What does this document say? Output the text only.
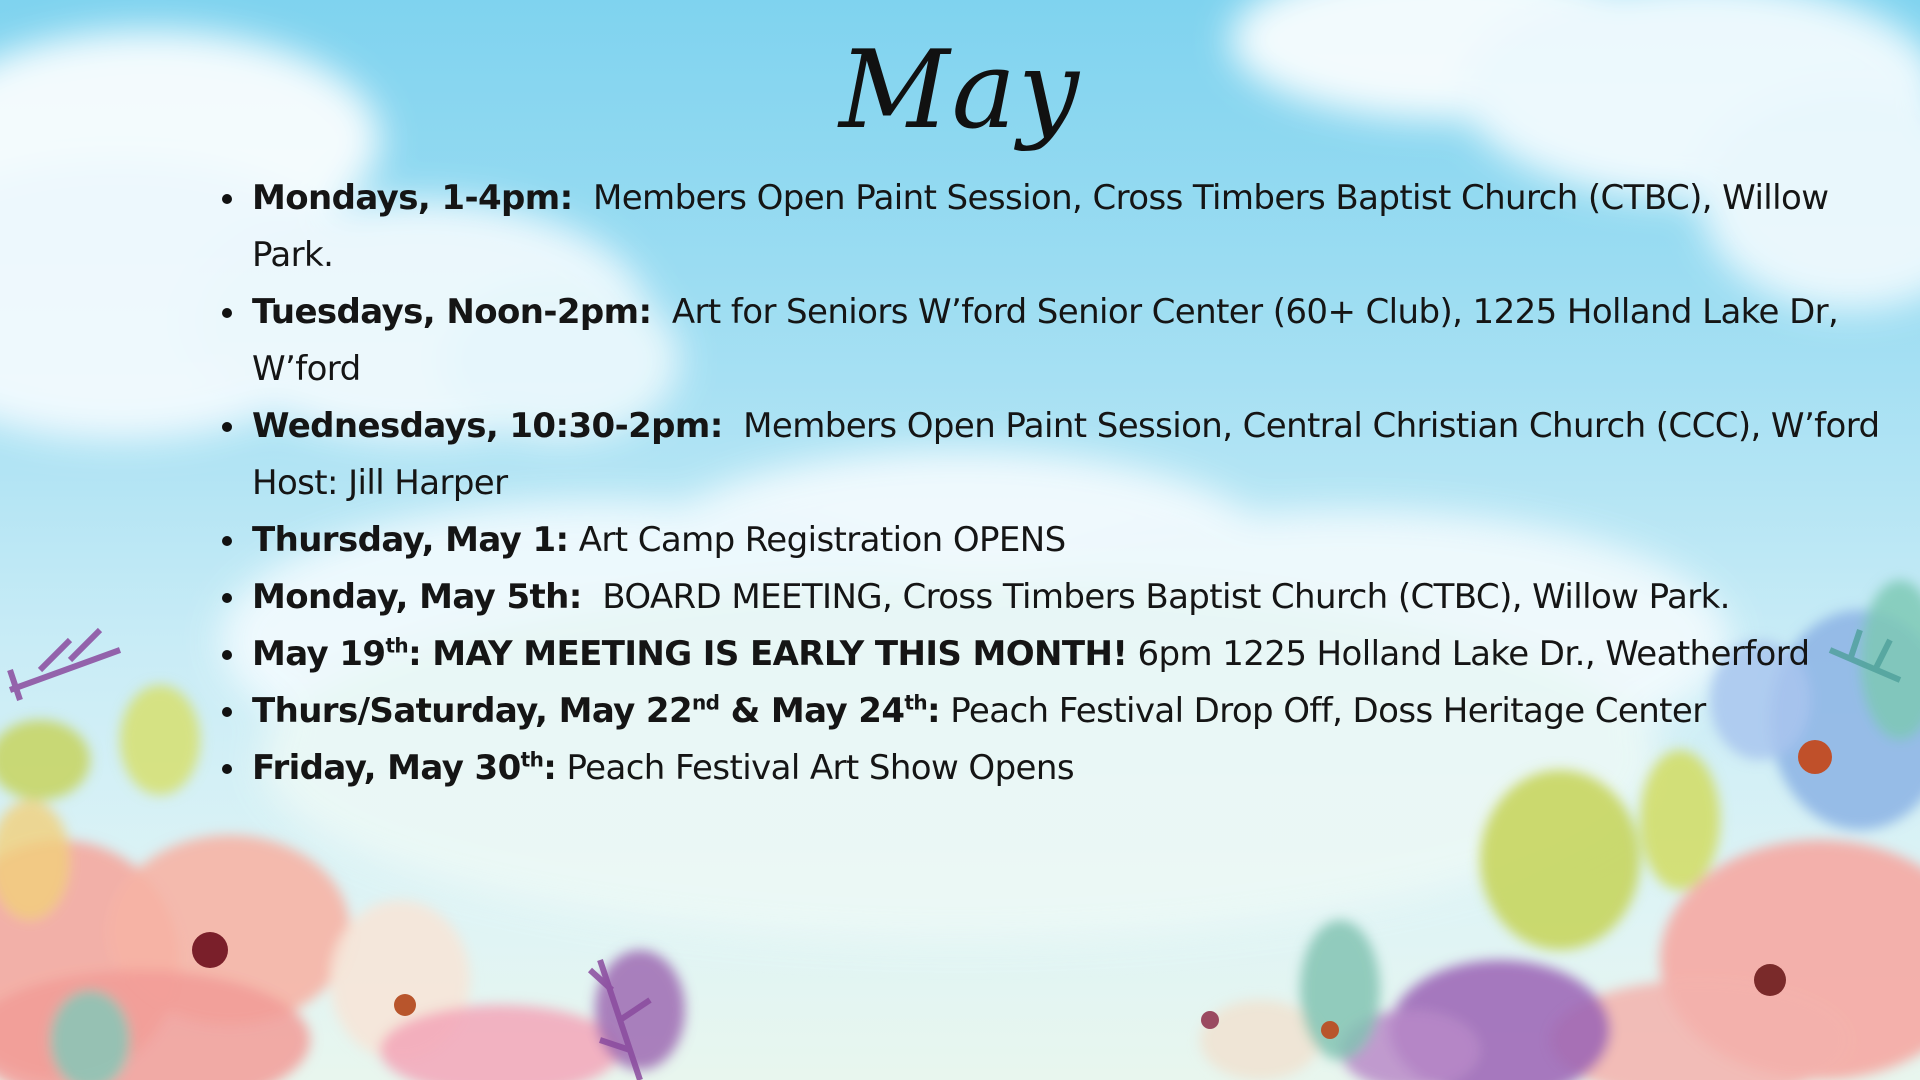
May
Mondays, 1-4pm: Members Open Paint Session, Cross Timbers Baptist Church (CTBC), Willow Park.
Tuesdays, Noon-2pm: Art for Seniors W’ford Senior Center (60+ Club), 1225 Holland Lake Dr, W’ford
Wednesdays, 10:30-2pm: Members Open Paint Session, Central Christian Church (CCC), W’ford Host: Jill Harper
Thursday, May 1: Art Camp Registration OPENS
Monday, May 5th: BOARD MEETING, Cross Timbers Baptist Church (CTBC), Willow Park.
May 19th: MAY MEETING IS EARLY THIS MONTH! 6pm 1225 Holland Lake Dr., Weatherford
Thurs/Saturday, May 22nd & May 24th: Peach Festival Drop Off, Doss Heritage Center
Friday, May 30th: Peach Festival Art Show Opens
